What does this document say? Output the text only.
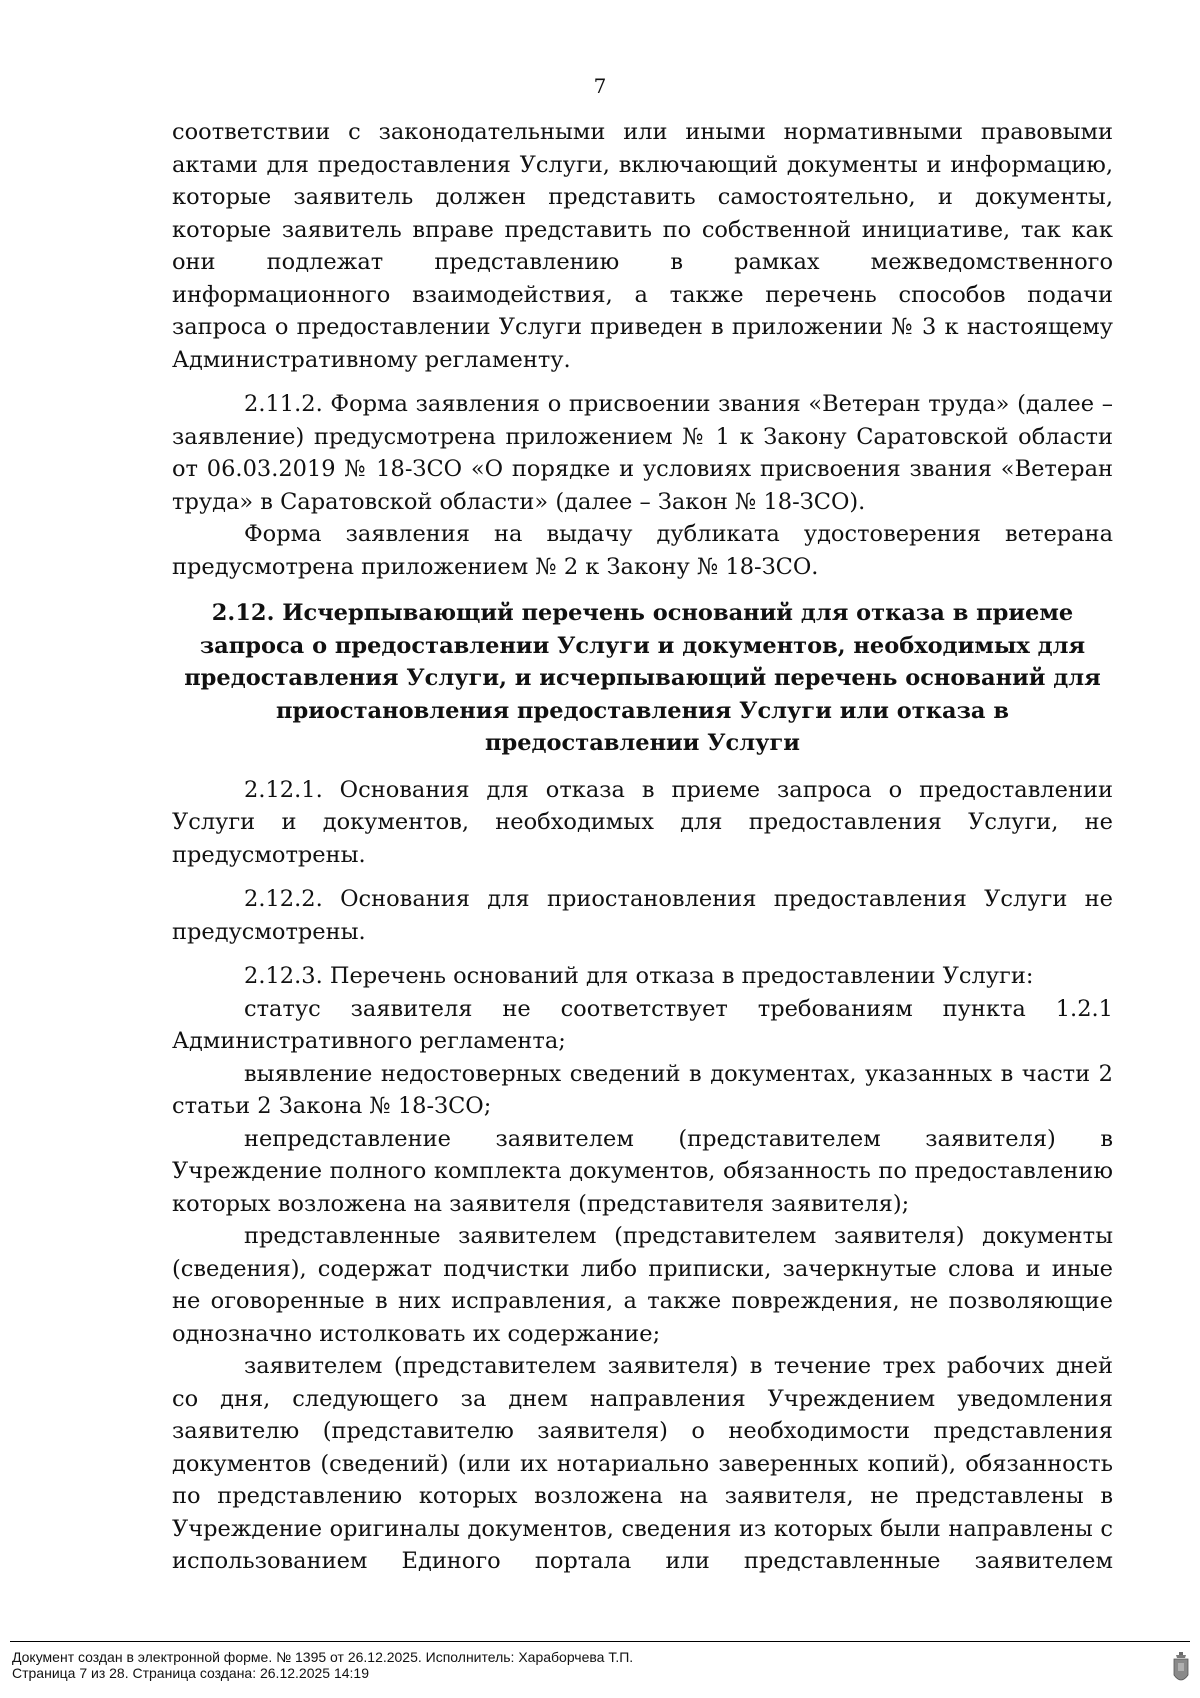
7

соответствии с законодательными или иными нормативными правовыми актами для предоставления Услуги, включающий документы и информацию, которые заявитель должен представить самостоятельно, и документы, которые заявитель вправе представить по собственной инициативе, так как они подлежат представлению в рамках межведомственного информационного взаимодействия, а также перечень способов подачи запроса о предоставлении Услуги приведен в приложении № 3 к настоящему Административному регламенту.

2.11.2. Форма заявления о присвоении звания «Ветеран труда» (далее – заявление) предусмотрена приложением № 1 к Закону Саратовской области от 06.03.2019 № 18-ЗСО «О порядке и условиях присвоения звания «Ветеран труда» в Саратовской области» (далее – Закон № 18-ЗСО).

Форма заявления на выдачу дубликата удостоверения ветерана предусмотрена приложением № 2 к Закону № 18-ЗСО.

2.12. Исчерпывающий перечень оснований для отказа в приеме запроса о предоставлении Услуги и документов, необходимых для предоставления Услуги, и исчерпывающий перечень оснований для приостановления предоставления Услуги или отказа в предоставлении Услуги

2.12.1. Основания для отказа в приеме запроса о предоставлении Услуги и документов, необходимых для предоставления Услуги, не предусмотрены.

2.12.2. Основания для приостановления предоставления Услуги не предусмотрены.

2.12.3. Перечень оснований для отказа в предоставлении Услуги:

статус заявителя не соответствует требованиям пункта 1.2.1 Административного регламента;

выявление недостоверных сведений в документах, указанных в части 2 статьи 2 Закона № 18-ЗСО;

непредставление заявителем (представителем заявителя) в Учреждение полного комплекта документов, обязанность по предоставлению которых возложена на заявителя (представителя заявителя);

представленные заявителем (представителем заявителя) документы (сведения), содержат подчистки либо приписки, зачеркнутые слова и иные не оговоренные в них исправления, а также повреждения, не позволяющие однозначно истолковать их содержание;

заявителем (представителем заявителя) в течение трех рабочих дней со дня, следующего за днем направления Учреждением уведомления заявителю (представителю заявителя) о необходимости представления документов (сведений) (или их нотариально заверенных копий), обязанность по представлению которых возложена на заявителя, не представлены в Учреждение оригиналы документов, сведения из которых были направлены с использованием Единого портала или представленные заявителем

Документ создан в электронной форме. № 1395 от 26.12.2025. Исполнитель: Хараборчева Т.П.
Страница 7 из 28. Страница создана: 26.12.2025 14:19
